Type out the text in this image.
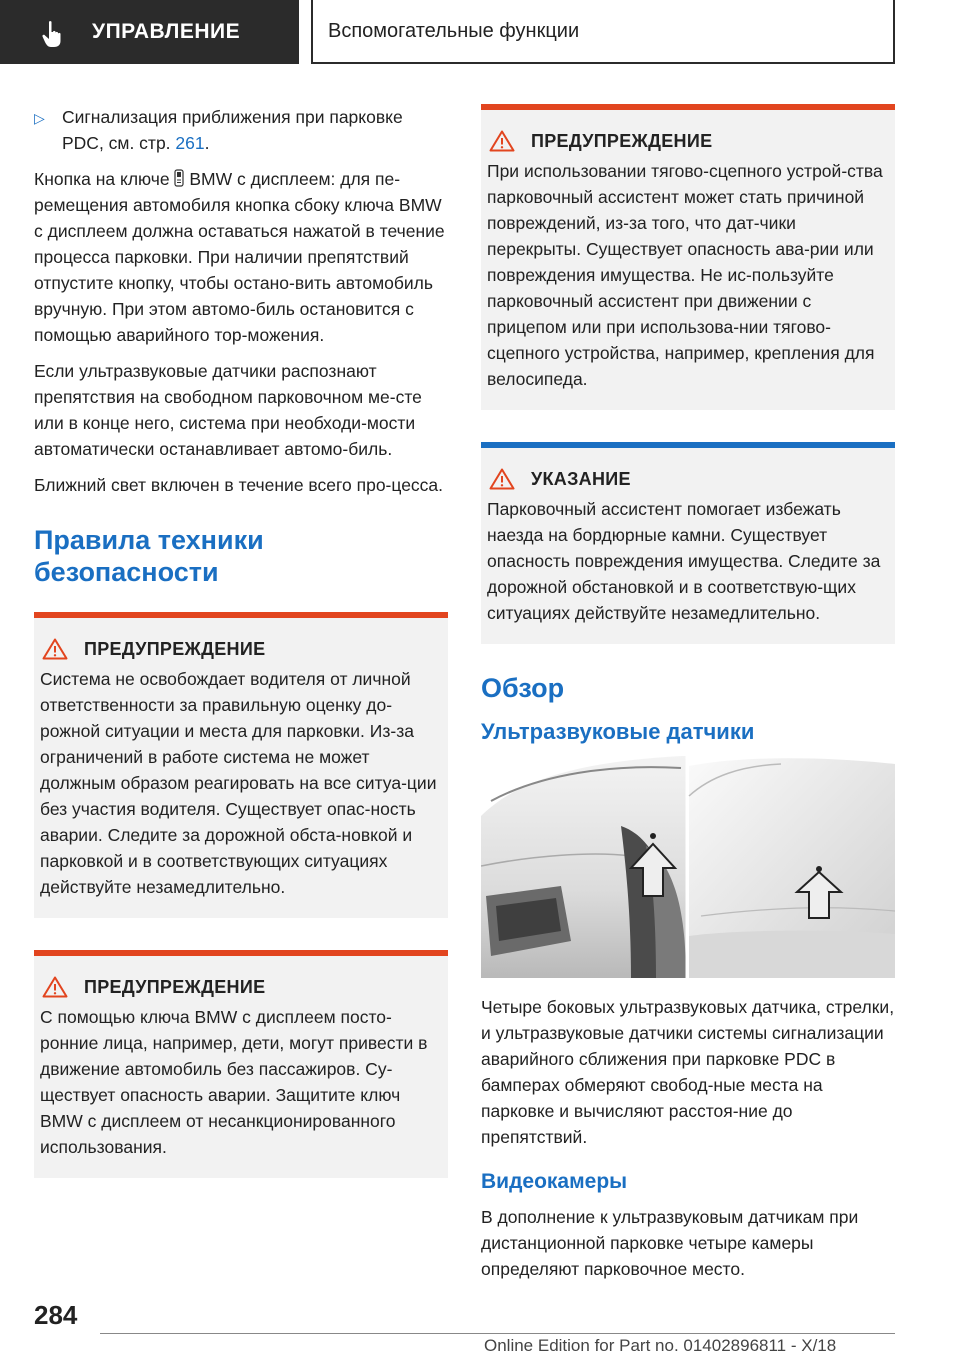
УПРАВЛЕНИЕ	Вспомогательные функции
▷ Сигнализация приближения при парковке PDC, см. стр. 261.

Кнопка на ключе  BMW с дисплеем: для пе-ремещения автомобиля кнопка сбоку ключа BMW с дисплеем должна оставаться нажатой в течение процесса парковки. При наличии препятствий отпустите кнопку, чтобы остано-вить автомобиль вручную. При этом автомо-биль остановится с помощью аварийного тор-можения.

Если ультразвуковые датчики распознают препятствия на свободном парковочном ме-сте или в конце него, система при необходи-мости автоматически останавливает автомо-биль.

Ближний свет включен в течение всего про-цесса.

Правила техники безопасности
ПРЕДУПРЕЖДЕНИЕ
Система не освобождает водителя от личной ответственности за правильную оценку до-рожной ситуации и места для парковки. Из-за ограничений в работе система не может должным образом реагировать на все ситуа-ции без участия водителя. Существует опас-ность аварии. Следите за дорожной обста-новкой и парковкой и в соответствующих ситуациях действуйте незамедлительно.
ПРЕДУПРЕЖДЕНИЕ
С помощью ключа BMW с дисплеем посто-ронние лица, например, дети, могут привести в движение автомобиль без пассажиров. Су-ществует опасность аварии. Защитите ключ BMW с дисплеем от несанкционированного использования.
ПРЕДУПРЕЖДЕНИЕ
При использовании тягово-сцепного устрой-ства парковочный ассистент может стать причиной повреждений, из-за того, что дат-чики перекрыты. Существует опасность ава-рии или повреждения имущества. Не ис-пользуйте парковочный ассистент при движении с прицепом или при использова-нии тягово-сцепного устройства, например, крепления для велосипеда.
УКАЗАНИЕ
Парковочный ассистент помогает избежать наезда на бордюрные камни. Существует опасность повреждения имущества. Следите за дорожной обстановкой и в соответствую-щих ситуациях действуйте незамедлительно.
Обзор
Ультразвуковые датчики

Четыре боковых ультразвуковых датчика, стрелки, и ультразвуковые датчики системы сигнализации аварийного сближения при парковке PDC в бамперах обмеряют свобод-ные места на парковке и вычисляют расстоя-ние до препятствий.

Видеокамеры

В дополнение к ультразвуковым датчикам при дистанционной парковке четыре камеры определяют парковочное место.

284
Online Edition for Part no. 01402896811 - X/18
